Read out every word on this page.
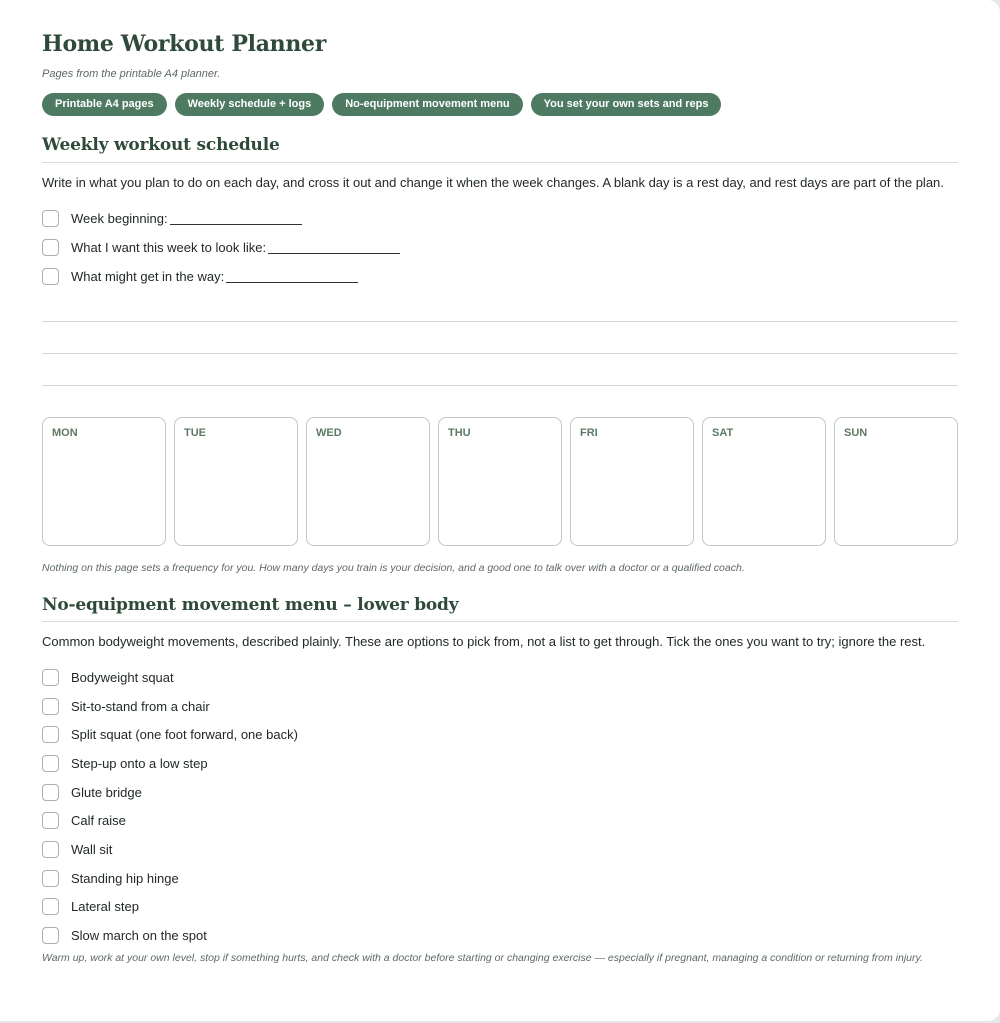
Home Workout Planner

Pages from the printable A4 planner.

Printable A4 pages	Weekly schedule + logs	No-equipment movement menu	You set your own sets and reps
Weekly workout schedule

Write in what you plan to do on each day, and cross it out and change it when the week changes. A blank day is a rest day, and rest days are part of the plan.

Week beginning:
What I want this week to look like:
What might get in the way:
MON	TUE	WED	THU	FRI	SAT	SUN

Nothing on this page sets a frequency for you. How many days you train is your decision, and a good one to talk over with a doctor or a qualified coach.

No-equipment movement menu – lower body

Common bodyweight movements, described plainly. These are options to pick from, not a list to get through. Tick the ones you want to try; ignore the rest.

Bodyweight squat
Sit-to-stand from a chair
Split squat (one foot forward, one back)
Step-up onto a low step
Glute bridge
Calf raise
Wall sit
Standing hip hinge
Lateral step
Slow march on the spot

Warm up, work at your own level, stop if something hurts, and check with a doctor before starting or changing exercise — especially if pregnant, managing a condition or returning from injury.
